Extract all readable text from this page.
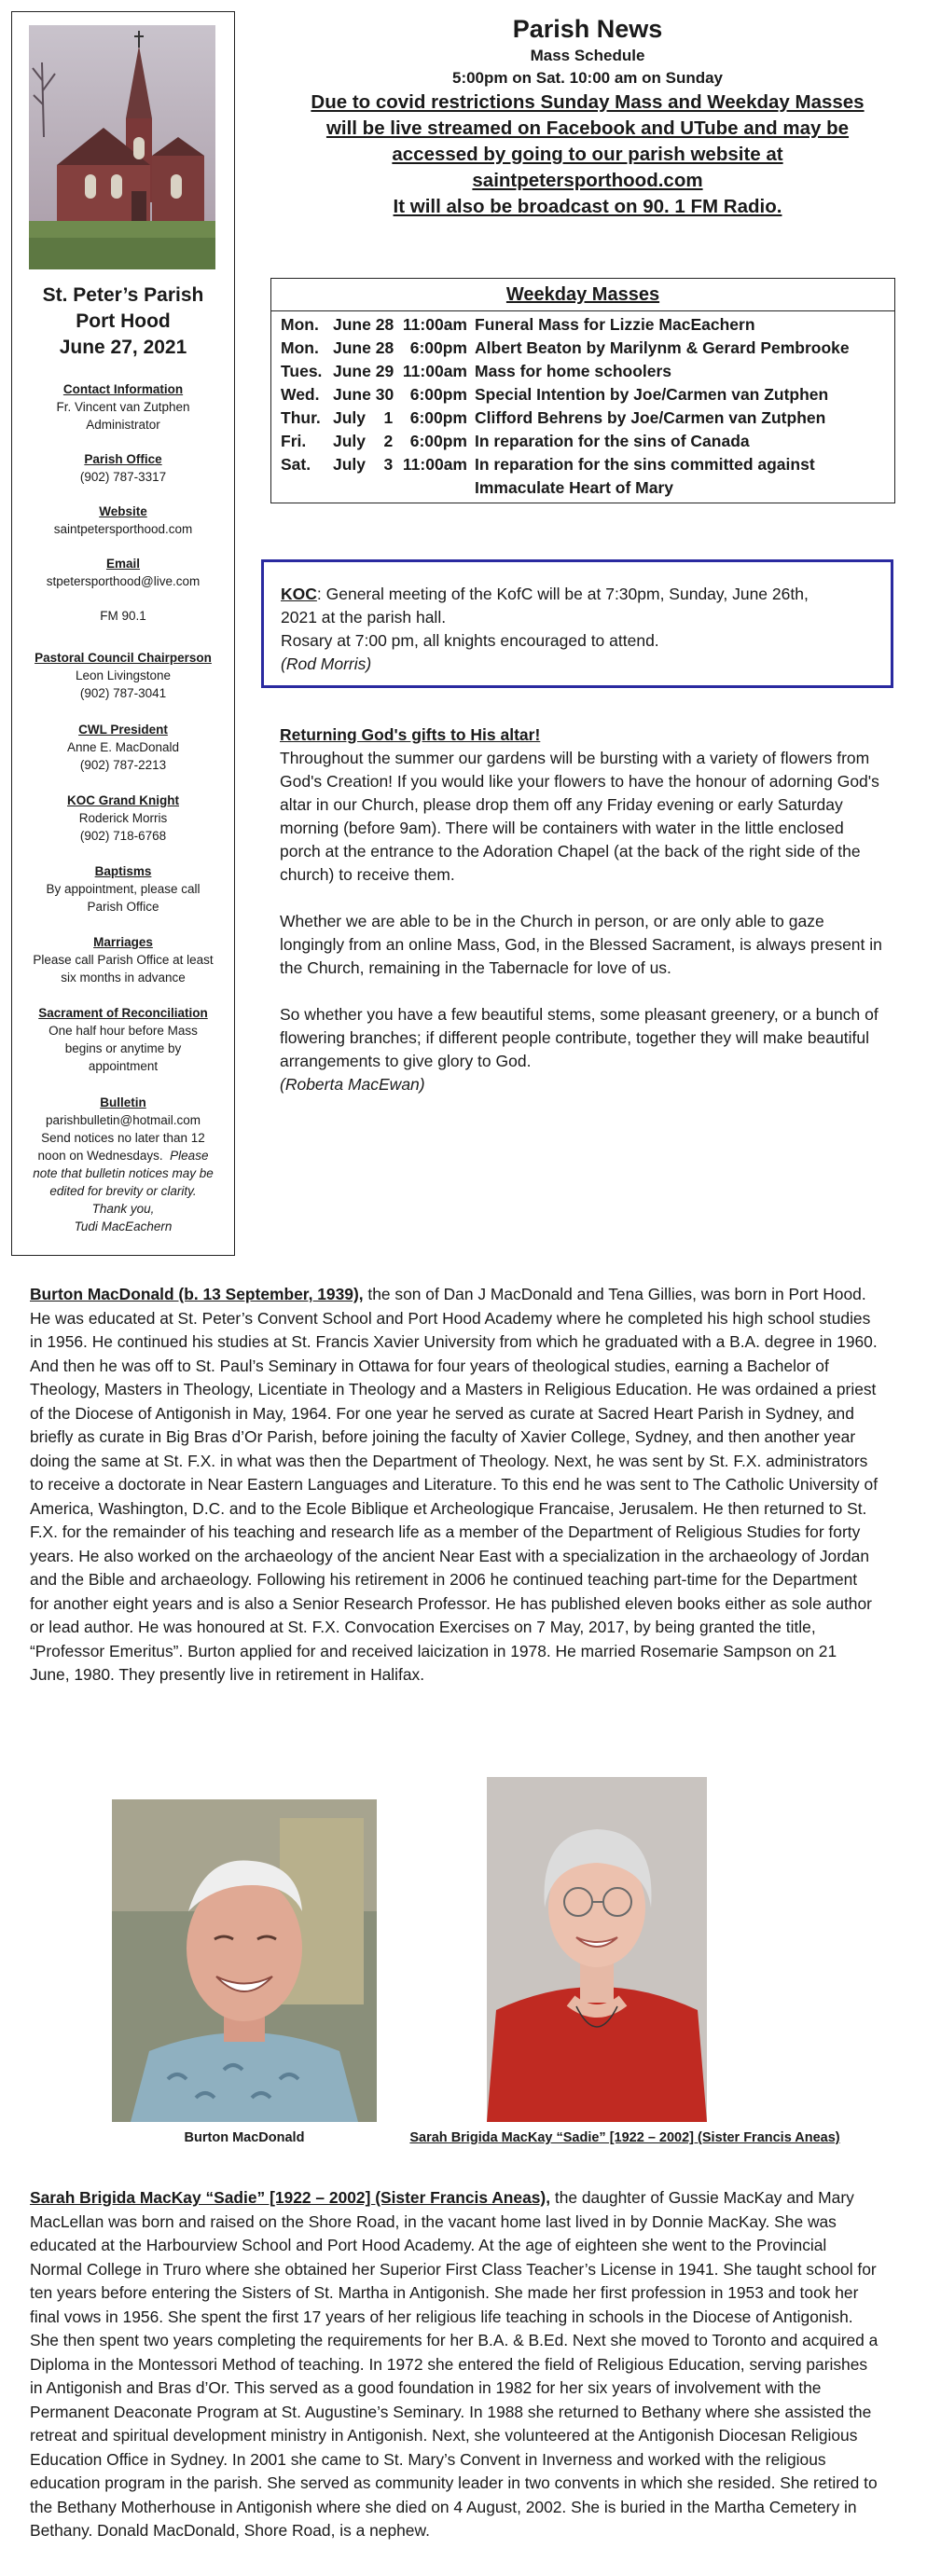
St. Peter’s Parish
Port Hood
June 27, 2021
Contact Information
Fr. Vincent van Zutphen
Administrator
Parish Office
(902) 787-3317
Website
saintpetersporthood.com
Email
stpetersporthood@live.com
FM 90.1
Pastoral Council Chairperson
Leon Livingstone
(902) 787-3041
CWL President
Anne E. MacDonald
(902) 787-2213
KOC Grand Knight
Roderick Morris
(902) 718-6768
Baptisms
By appointment, please call
Parish Office
Marriages
Please call Parish Office at least
six months in advance
Sacrament of Reconciliation
One half hour before Mass
begins or anytime by
appointment
Bulletin
parishbulletin@hotmail.com
Send notices no later than 12
noon on Wednesdays. Please
note that bulletin notices may be
edited for brevity or clarity.
Thank you,
Tudi MacEachern
Parish News
Mass Schedule
5:00pm on Sat. 10:00 am on Sunday
Due to covid restrictions Sunday Mass and Weekday Masses
will be live streamed on Facebook and UTube and may be
accessed by going to our parish website at
saintpetersporthood.com
It will also be broadcast on 90. 1 FM Radio.
Weekday Masses
Mon. June 28 11:00am Funeral Mass for Lizzie MacEachern
Mon. June 28	6:00pm Albert Beaton by Marilynm & Gerard Pembrooke
Tues. June 29 11:00am Mass for home schoolers
Wed. June 30	6:00pm Special Intention by Joe/Carmen van Zutphen
Thur. July    1	6:00pm Clifford Behrens by Joe/Carmen van Zutphen
Fri.	July    2	6:00pm In reparation for the sins of Canada
Sat.	July    3 11:00am In reparation for the sins committed against
Immaculate Heart of Mary
KOC: General meeting of the KofC will be at 7:30pm, Sunday, June 26th,
2021 at the parish hall.
Rosary at 7:00 pm, all knights encouraged to attend.
(Rod Morris)
Returning God's gifts to His altar!

Throughout the summer our gardens will be bursting with a variety of flowers from God's Creation! If you would like your flowers to have the honour of adorning God's altar in our Church, please drop them off any Friday evening or early Saturday morning (before 9am). There will be containers with water in the little enclosed porch at the entrance to the Adoration Chapel (at the back of the right side of the church) to receive them.

Whether we are able to be in the Church in person, or are only able to gaze longingly from an online Mass, God, in the Blessed Sacrament, is always present in the Church, remaining in the Tabernacle for love of us.

So whether you have a few beautiful stems, some pleasant greenery, or a bunch of flowering branches; if different people contribute, together they will make beautiful arrangements to give glory to God.

(Roberta MacEwan)
Burton MacDonald (b. 13 September, 1939), the son of Dan J MacDonald and Tena Gillies, was born in Port Hood. He was educated at St. Peter’s Convent School and Port Hood Academy where he completed his high school studies in 1956. He continued his studies at St. Francis Xavier University from which he graduated with a B.A. degree in 1960. And then he was off to St. Paul’s Seminary in Ottawa for four years of theological studies, earning a Bachelor of Theology, Masters in Theology, Licentiate in Theology and a Masters in Religious Education. He was ordained a priest of the Diocese of Antigonish in May, 1964. For one year he served as curate at Sacred Heart Parish in Sydney, and briefly as curate in Big Bras d’Or Parish, before joining the faculty of Xavier College, Sydney, and then another year doing the same at St. F.X. in what was then the Department of Theology. Next, he was sent by St. F.X. administrators to receive a doctorate in Near Eastern Languages and Literature. To this end he was sent to The Catholic University of America, Washington, D.C. and to the Ecole Biblique et Archeologique Francaise, Jerusalem. He then returned to St. F.X. for the remainder of his teaching and research life as a member of the Department of Religious Studies for forty years. He also worked on the archaeology of the ancient Near East with a specialization in the archaeology of Jordan and the Bible and archaeology. Following his retirement in 2006 he continued teaching part-time for the Department for another eight years and is also a Senior Research Professor. He has published eleven books either as sole author or lead author. He was honoured at St. F.X. Convocation Exercises on 7 May, 2017, by being granted the title, “Professor Emeritus”. Burton applied for and received laicization in 1978. He married Rosemarie Sampson on 21 June, 1980. They presently live in retirement in Halifax.
Burton MacDonald	Sarah Brigida MacKay “Sadie” [1922 – 2002] (Sister Francis Aneas)
Sarah Brigida MacKay “Sadie” [1922 – 2002] (Sister Francis Aneas), the daughter of Gussie MacKay and Mary MacLellan was born and raised on the Shore Road, in the vacant home last lived in by Donnie MacKay. She was educated at the Harbourview School and Port Hood Academy. At the age of eighteen she went to the Provincial Normal College in Truro where she obtained her Superior First Class Teacher’s License in 1941. She taught school for ten years before entering the Sisters of St. Martha in Antigonish. She made her first profession in 1953 and took her final vows in 1956. She spent the first 17 years of her religious life teaching in schools in the Diocese of Antigonish. She then spent two years completing the requirements for her B.A. & B.Ed. Next she moved to Toronto and acquired a Diploma in the Montessori Method of teaching. In 1972 she entered the field of Religious Education, serving parishes in Antigonish and Bras d’Or. This served as a good foundation in 1982 for her six years of involvement with the Permanent Deaconate Program at St. Augustine’s Seminary. In 1988 she returned to Bethany where she assisted the retreat and spiritual development ministry in Antigonish. Next, she volunteered at the Antigonish Diocesan Religious Education Office in Sydney. In 2001 she came to St. Mary’s Convent in Inverness and worked with the religious education program in the parish. She served as community leader in two convents in which she resided. She retired to the Bethany Motherhouse in Antigonish where she died on 4 August, 2002. She is buried in the Martha Cemetery in Bethany. Donald MacDonald, Shore Road, is a nephew.
